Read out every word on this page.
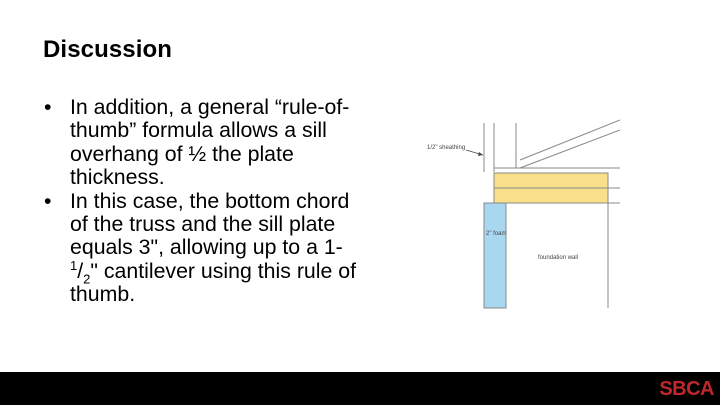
Discussion
• In addition, a general “rule-of-thumb” formula allows a sill overhang of ½ the plate thickness.
• In this case, the bottom chord of the truss and the sill plate equals 3", allowing up to a $1-^1/_2$" cantilever using this rule of thumb.
1/2" sheathing
2" foam
foundation wall
SBCA
